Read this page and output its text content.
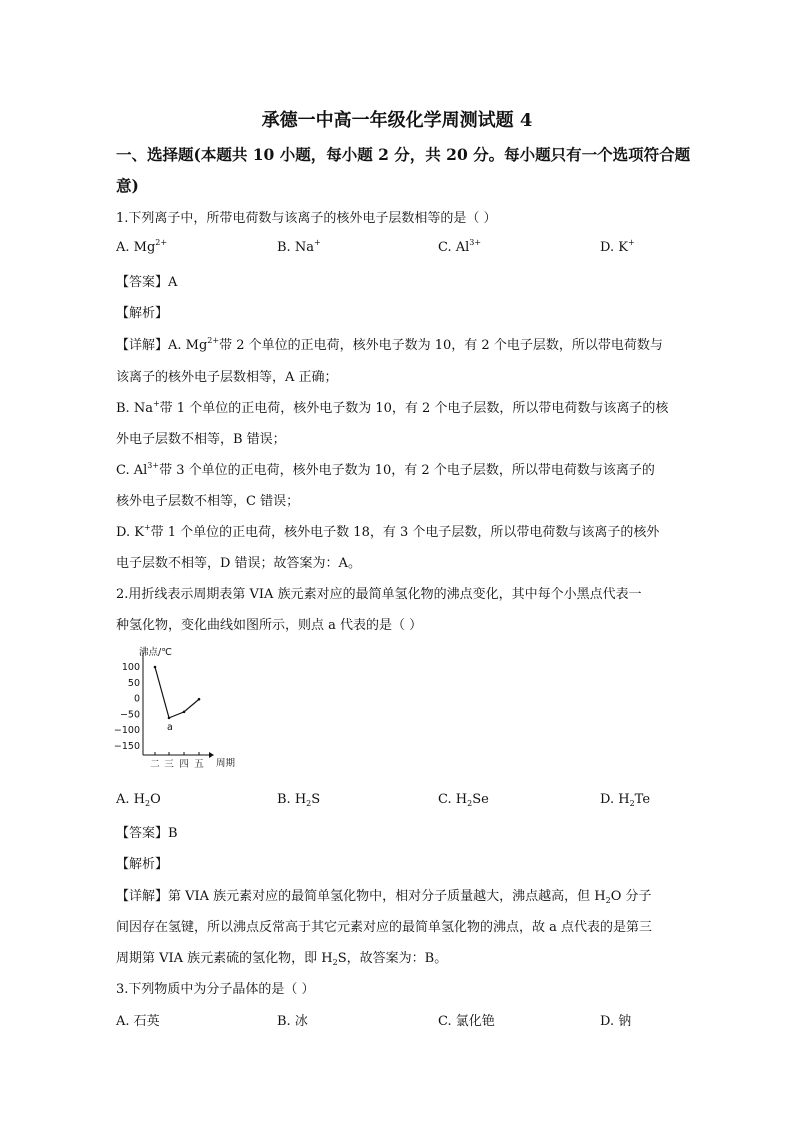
承德一中高一年级化学周测试题 4
一、选择题(本题共 10 小题，每小题 2 分，共 20 分。每小题只有一个选项符合题
意)
1.下列离子中，所带电荷数与该离子的核外电子层数相等的是（ ）
A. $Mg^{2+}$	B. Na+	C. $Al^{3+}$	D. K+
【答案】A
【解析】
【详解】A. $Mg^{2+}$带 2 个单位的正电荷，核外电子数为 10，有 2 个电子层数，所以带电荷数与
该离子的核外电子层数相等，A 正确；
B. Na+带 1 个单位的正电荷，核外电子数为 10，有 2 个电子层数，所以带电荷数与该离子的核
外电子层数不相等，B 错误；
C. $Al^{3+}$带 3 个单位的正电荷，核外电子数为 10，有 2 个电子层数，所以带电荷数与该离子的
核外电子层数不相等，C 错误；
D. K+带 1 个单位的正电荷，核外电子数 18，有 3 个电子层数，所以带电荷数与该离子的核外
电子层数不相等，D 错误；故答案为：A。
2.用折线表示周期表第 VIA 族元素对应的最简单氢化物的沸点变化，其中每个小黑点代表一
种氢化物，变化曲线如图所示，则点 a 代表的是（ ）
沸点/℃
周期
100
50
0
−50
−100
−150
二 三 四 五
a
A. $H_2O$	B. $H_2S$	C. $H_2Se$	D. $H_2Te$
【答案】B
【解析】
【详解】第 VIA 族元素对应的最简单氢化物中，相对分子质量越大，沸点越高，但 $H_2O$ 分子
间因存在氢键，所以沸点反常高于其它元素对应的最简单氢化物的沸点，故 a 点代表的是第三
周期第 VIA 族元素硫的氢化物，即 $H_2S$，故答案为：B。
3.下列物质中为分子晶体的是（ ）
A. 石英	B. 冰	C. 氯化铯	D. 钠
